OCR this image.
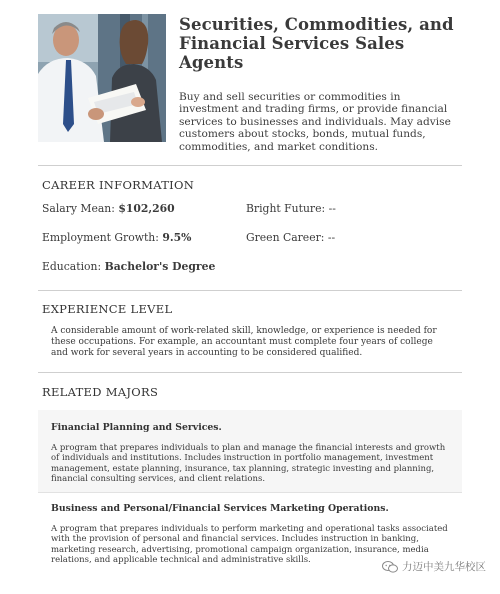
Securities, Commodities, and Financial Services Sales Agents
Buy and sell securities or commodities in investment and trading firms, or provide financial services to businesses and individuals. May advise customers about stocks, bonds, mutual funds, commodities, and market conditions.
CAREER INFORMATION
Salary Mean: $102,260	Bright Future: --
Employment Growth: 9.5%	Green Career: --
Education: Bachelor's Degree
EXPERIENCE LEVEL
A considerable amount of work-related skill, knowledge, or experience is needed for these occupations. For example, an accountant must complete four years of college and work for several years in accounting to be considered qualified.
RELATED MAJORS
Financial Planning and Services.
A program that prepares individuals to plan and manage the financial interests and growth of individuals and institutions. Includes instruction in portfolio management, investment management, estate planning, insurance, tax planning, strategic investing and planning, financial consulting services, and client relations.
Business and Personal/Financial Services Marketing Operations.
A program that prepares individuals to perform marketing and operational tasks associated with the provision of personal and financial services. Includes instruction in banking, marketing research, advertising, promotional campaign organization, insurance, media relations, and applicable technical and administrative skills.
力迈中美九华校区
